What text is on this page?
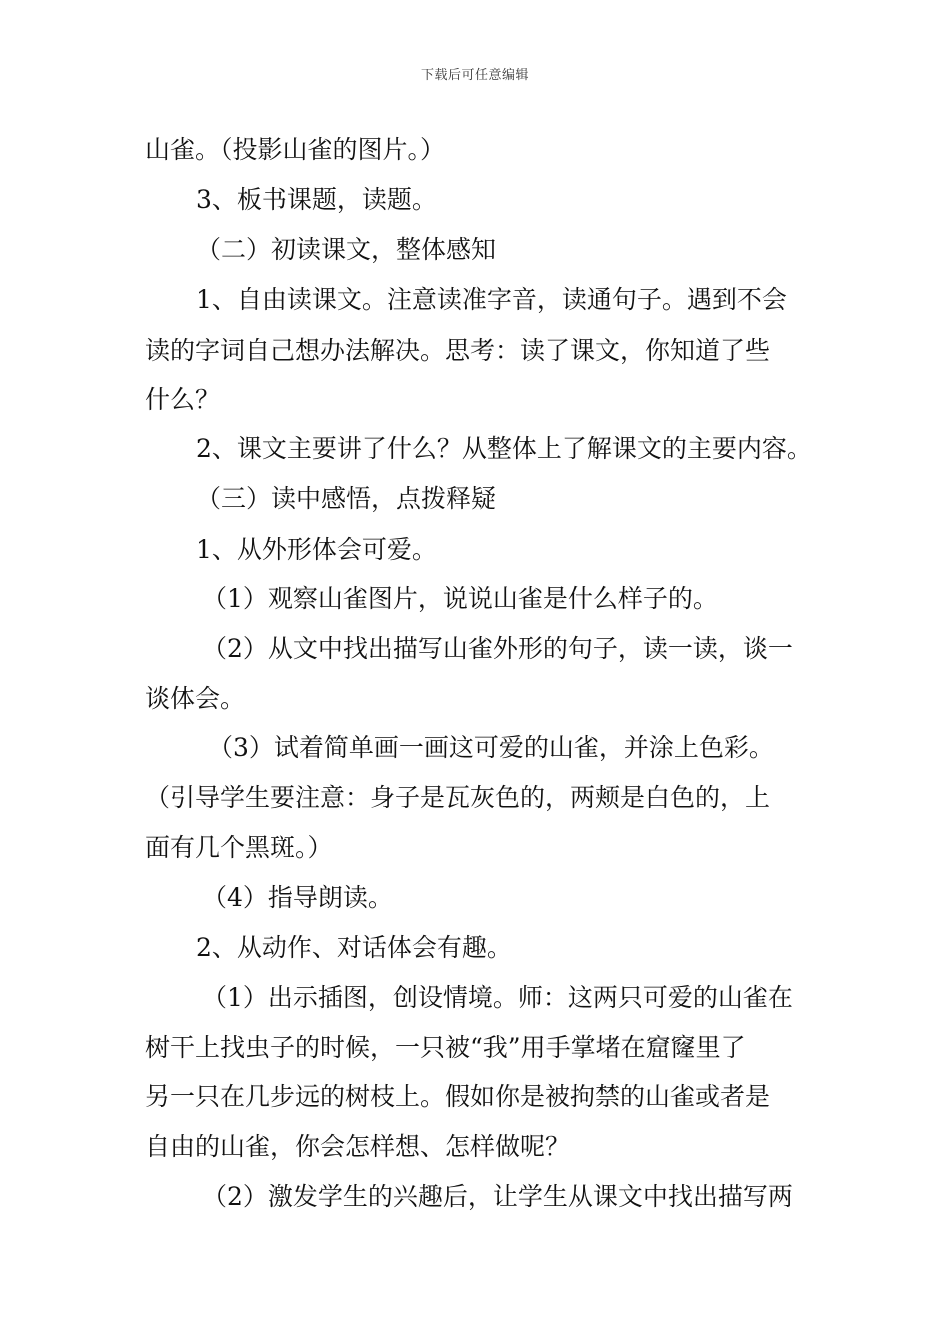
下载后可任意编辑
山雀。（投影山雀的图片。）
3、板书课题，读题。
（二）初读课文，整体感知
1、自由读课文。注意读准字音，读通句子。遇到不会
读的字词自己想办法解决。思考：读了课文，你知道了些
什么？
2、课文主要讲了什么？从整体上了解课文的主要内容。
（三）读中感悟，点拨释疑
1、从外形体会可爱。
（1）观察山雀图片，说说山雀是什么样子的。
（2）从文中找出描写山雀外形的句子，读一读，谈一
谈体会。
（3）试着简单画一画这可爱的山雀，并涂上色彩。
（引导学生要注意：身子是瓦灰色的，两颊是白色的，上
面有几个黑斑。）
（4）指导朗读。
2、从动作、对话体会有趣。
（1）出示插图，创设情境。师：这两只可爱的山雀在
树干上找虫子的时候，一只被“我”用手掌堵在窟窿里了
另一只在几步远的树枝上。假如你是被拘禁的山雀或者是
自由的山雀，你会怎样想、怎样做呢？
（2）激发学生的兴趣后，让学生从课文中找出描写两
